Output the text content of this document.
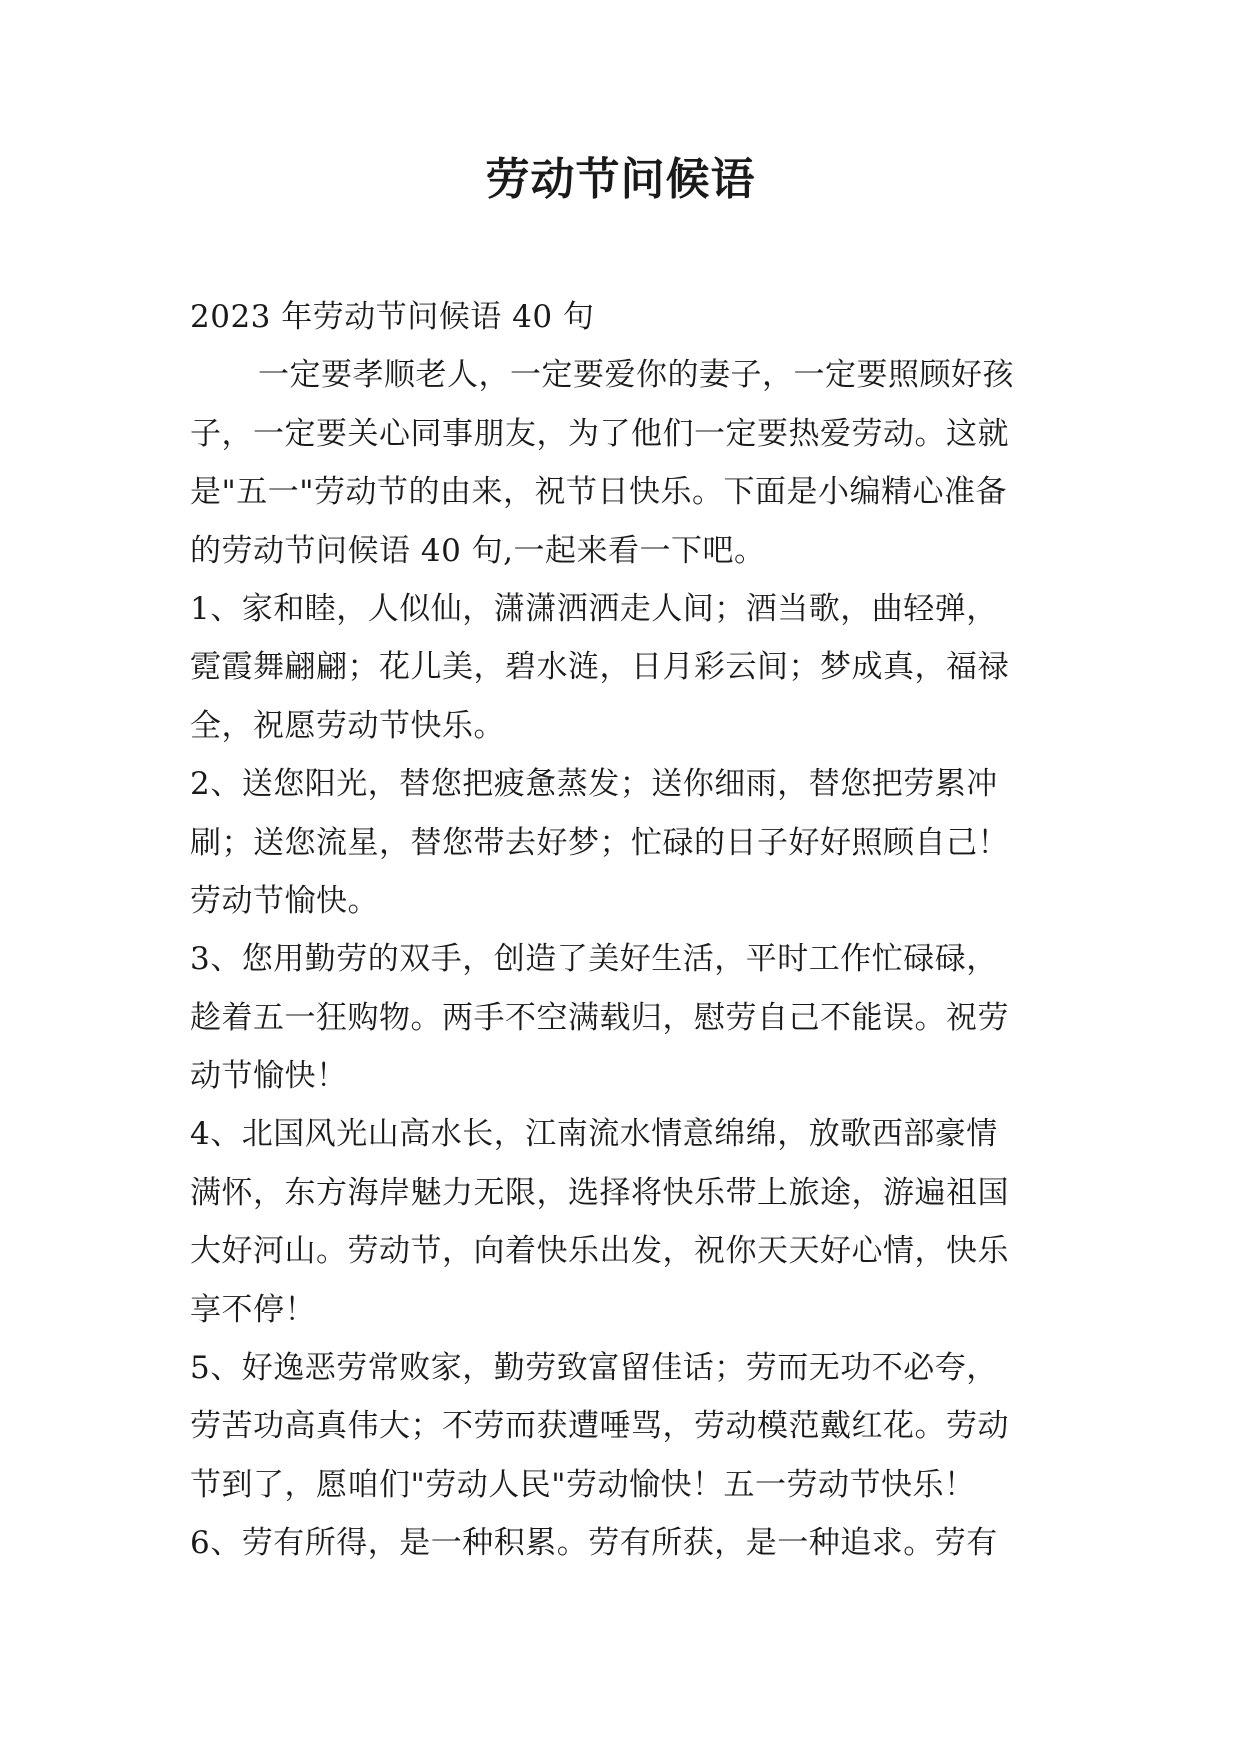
劳动节问候语
2023 年劳动节问候语 40 句
一定要孝顺老人，一定要爱你的妻子，一定要照顾好孩
子，一定要关心同事朋友，为了他们一定要热爱劳动。这就
是"五一"劳动节的由来，祝节日快乐。下面是小编精心准备
的劳动节问候语 40 句,一起来看一下吧。
1、家和睦，人似仙，潇潇洒洒走人间；酒当歌，曲轻弹，
霓霞舞翩翩；花儿美，碧水涟，日月彩云间；梦成真，福禄
全，祝愿劳动节快乐。
2、送您阳光，替您把疲惫蒸发；送你细雨，替您把劳累冲
刷；送您流星，替您带去好梦；忙碌的日子好好照顾自己！
劳动节愉快。
3、您用勤劳的双手，创造了美好生活，平时工作忙碌碌，
趁着五一狂购物。两手不空满载归，慰劳自己不能误。祝劳
动节愉快！
4、北国风光山高水长，江南流水情意绵绵，放歌西部豪情
满怀，东方海岸魅力无限，选择将快乐带上旅途，游遍祖国
大好河山。劳动节，向着快乐出发，祝你天天好心情，快乐
享不停！
5、好逸恶劳常败家，勤劳致富留佳话；劳而无功不必夸，
劳苦功高真伟大；不劳而获遭唾骂，劳动模范戴红花。劳动
节到了，愿咱们"劳动人民"劳动愉快！五一劳动节快乐！
6、劳有所得，是一种积累。劳有所获，是一种追求。劳有
